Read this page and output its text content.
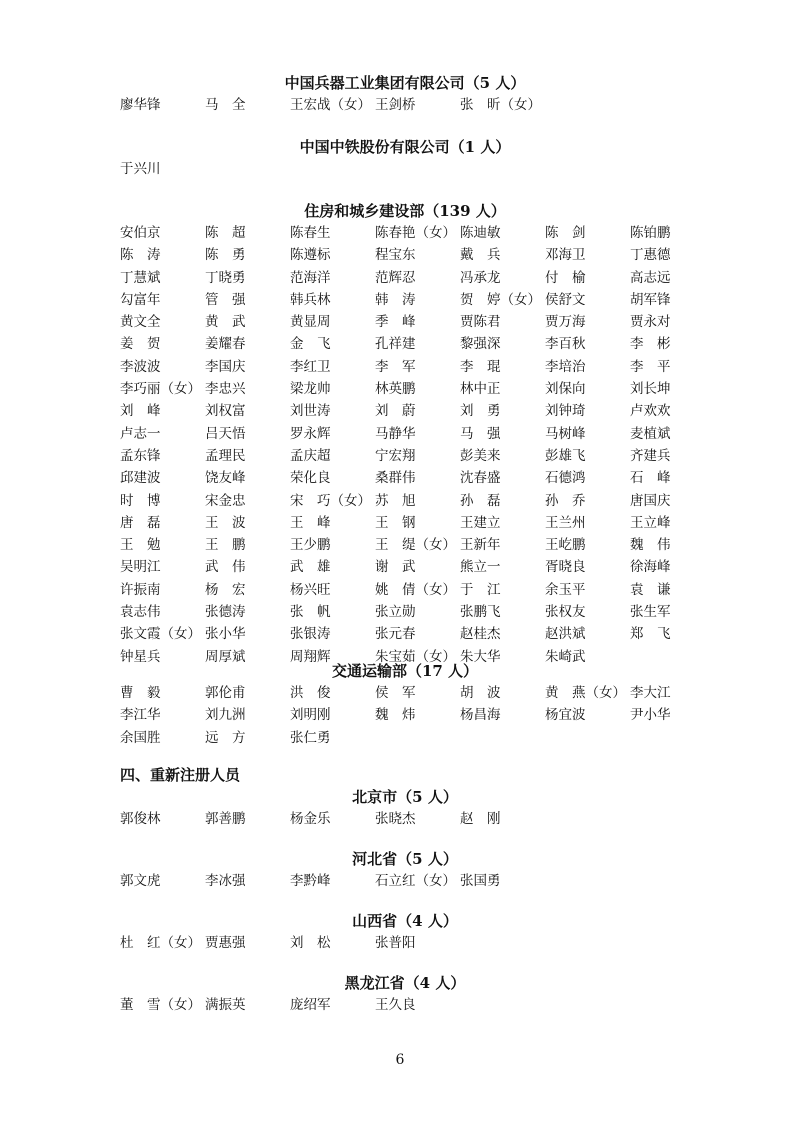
中国兵器工业集团有限公司（5 人）
廖华锋	马　全	王宏战（女） 王剑桥	张　昕（女）
中国中铁股份有限公司（1 人）
于兴川
住房和城乡建设部（139 人）
安伯京	陈　超	陈春生	陈春艳（女） 陈迪敏	陈　剑	陈铂鹏
陈　涛	陈　勇	陈遵标	程宝东	戴　兵	邓海卫	丁惠德
丁慧斌	丁晓勇	范海洋	范辉忍	冯承龙	付　榆	高志远
勾富年	管　强	韩兵林	韩　涛	贺　婷（女） 侯舒文	胡军锋
黄文全	黄　武	黄显周	季　峰	贾陈君	贾万海	贾永对
姜　贺	姜耀春	金　飞	孔祥建	黎强深	李百秋	李　彬
李波波	李国庆	李红卫	李　军	李　琨	李培治	李　平
李巧丽（女） 李忠兴	梁龙帅	林英鹏	林中正	刘保向	刘长坤
刘　峰	刘权富	刘世涛	刘　蔚	刘　勇	刘钟琦	卢欢欢
卢志一	吕天悟	罗永辉	马静华	马　强	马树峰	麦植斌
孟东锋	孟理民	孟庆超	宁宏翔	彭美来	彭雄飞	齐建兵
邱建波	饶友峰	荣化良	桑群伟	沈春盛	石德鸿	石　峰
时　博	宋金忠	宋　巧（女） 苏　旭	孙　磊	孙　乔	唐国庆
唐　磊	王　波	王　峰	王　钢	王建立	王兰州	王立峰
王　勉	王　鹏	王少鹏	王　缇（女） 王新年	王屹鹏	魏　伟
吴明江	武　伟	武　雄	谢　武	熊立一	胥晓良	徐海峰
许振南	杨　宏	杨兴旺	姚　倩（女） 于　江	余玉平	袁　谦
袁志伟	张德涛	张　帆	张立勋	张鹏飞	张权友	张生军
张文霞（女） 张小华	张银涛	张元春	赵桂杰	赵洪斌	郑　飞
钟星兵	周厚斌	周翔辉	朱宝茹（女） 朱大华	朱崎武
交通运输部（17 人）
曹　毅	郭伦甫	洪　俊	侯　军	胡　波	黄　燕（女） 李大江
李江华	刘九洲	刘明刚	魏　炜	杨昌海	杨宜波	尹小华
余国胜	远　方	张仁勇
四、重新注册人员
北京市（5 人）
郭俊林	郭善鹏	杨金乐	张晓杰	赵　刚
河北省（5 人）
郭文虎	李冰强	李黔峰	石立红（女） 张国勇
山西省（4 人）
杜　红（女） 贾惠强	刘　松	张普阳
黑龙江省（4 人）
董　雪（女） 满振英	庞绍军	王久良
6
